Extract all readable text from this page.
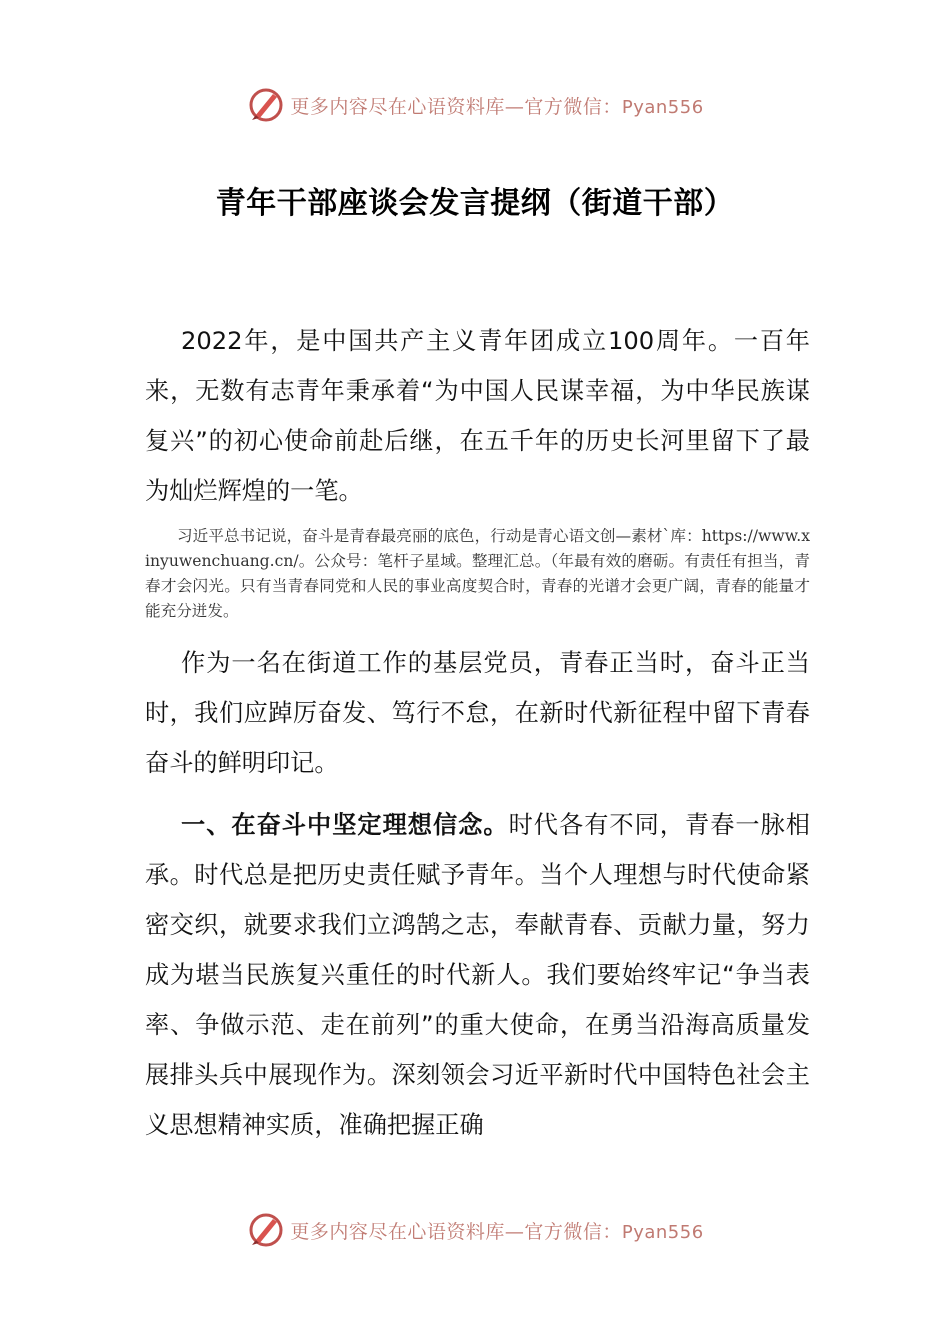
更多内容尽在心语资料库—官方微信：Pyan556
青年干部座谈会发言提纲（街道干部）

2022年，是中国共产主义青年团成立100周年。一百年来，无数有志青年秉承着“为中国人民谋幸福，为中华民族谋复兴”的初心使命前赴后继，在五千年的历史长河里留下了最为灿烂辉煌的一笔。

习近平总书记说，奋斗是青春最亮丽的底色，行动是青心语文创—素材`库：https://www.xinyuwenchuang.cn/。公众号：笔杆子星域。整理汇总。（年最有效的磨砺。有责任有担当，青春才会闪光。只有当青春同党和人民的事业高度契合时，青春的光谱才会更广阔，青春的能量才能充分迸发。

作为一名在街道工作的基层党员，青春正当时，奋斗正当时，我们应踔厉奋发、笃行不怠，在新时代新征程中留下青春奋斗的鲜明印记。

一、在奋斗中坚定理想信念。时代各有不同，青春一脉相承。时代总是把历史责任赋予青年。当个人理想与时代使命紧密交织，就要求我们立鸿鹄之志，奉献青春、贡献力量，努力成为堪当民族复兴重任的时代新人。我们要始终牢记“争当表率、争做示范、走在前列”的重大使命，在勇当沿海高质量发展排头兵中展现作为。深刻领会习近平新时代中国特色社会主义思想精神实质，准确把握正确

更多内容尽在心语资料库—官方微信：Pyan556
